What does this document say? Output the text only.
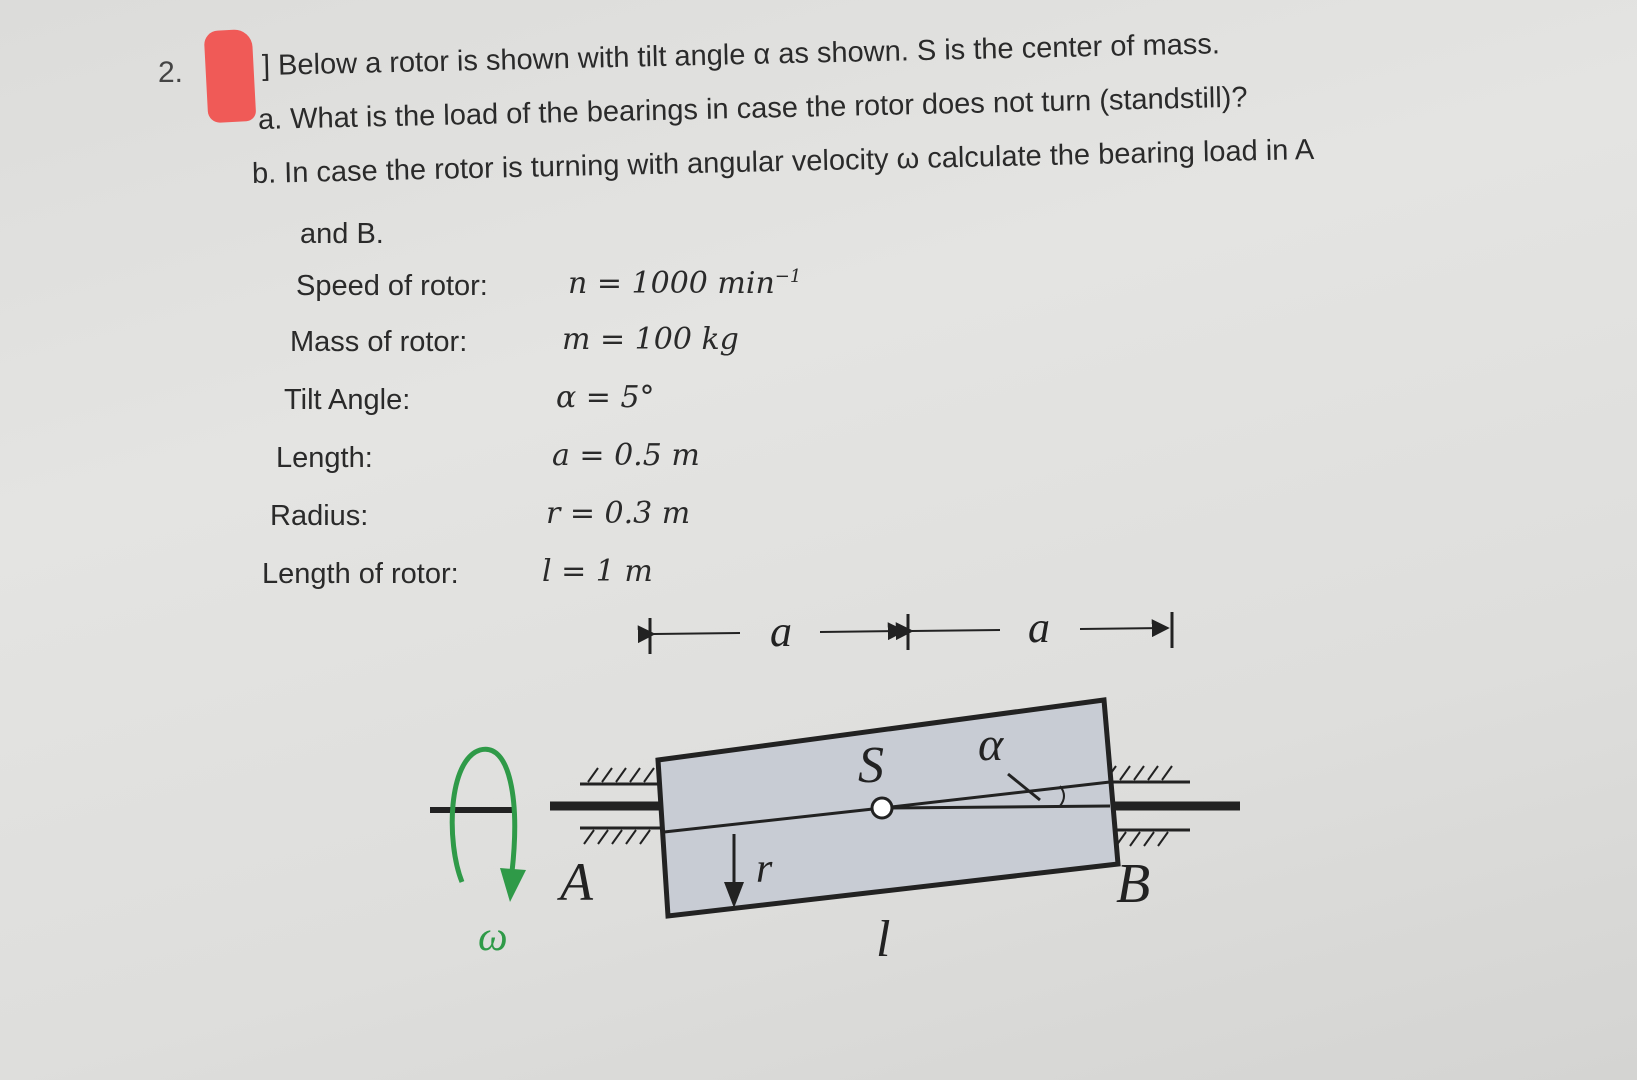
2.	] Below a rotor is shown with tilt angle α as shown. S is the center of mass.
a. What is the load of the bearings in case the rotor does not turn (standstill)?
b. In case the rotor is turning with angular velocity ω calculate the bearing load in A
and B.
Speed of rotor:	n = 1000 $\min^{-1}$
Mass of rotor:	m = 100 kg
Tilt Angle:	α = 5°
Length:	a = 0.5 m
Radius:	r = 0.3 m
Length of rotor:	l = 1 m
a	a
A	B
S α
r
l
ω
